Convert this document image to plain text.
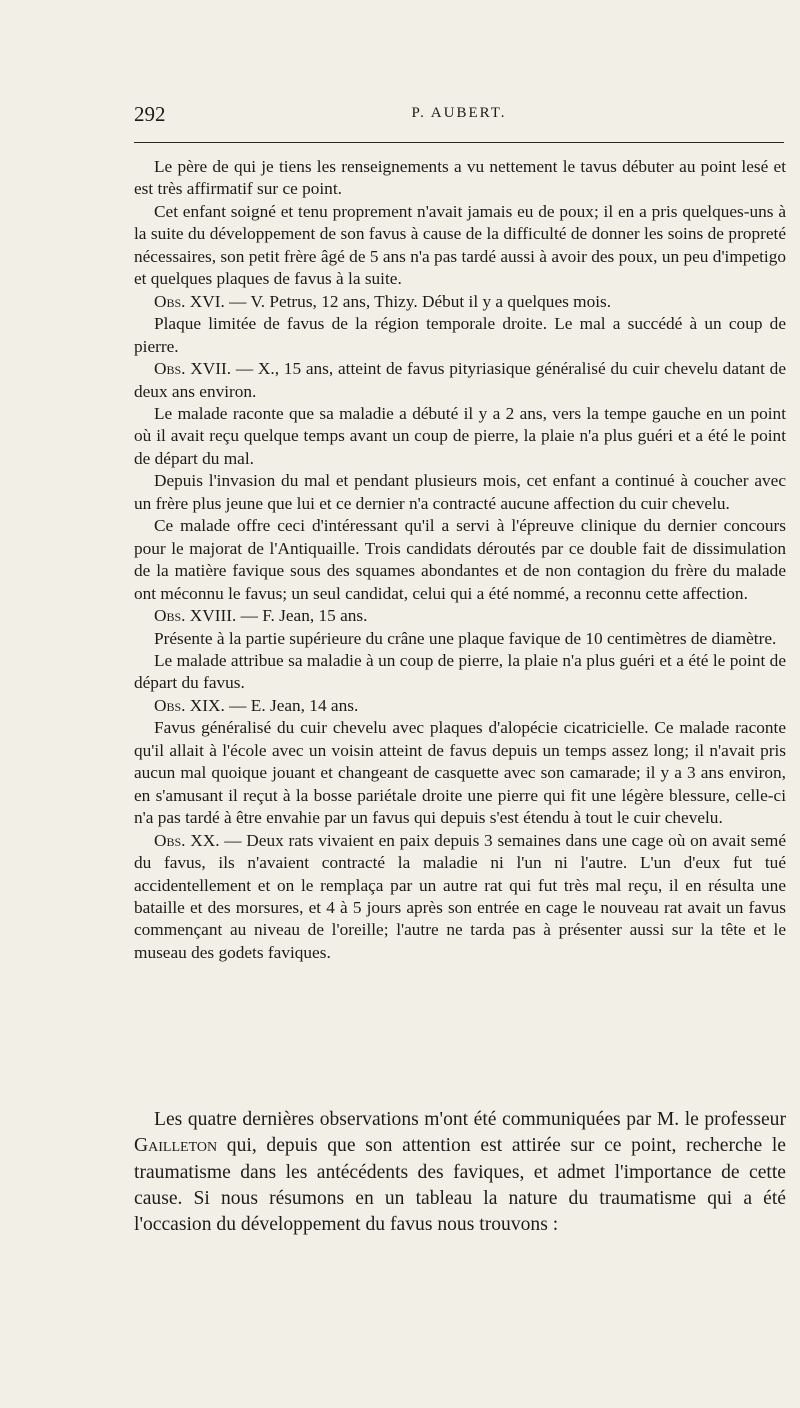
292	P. AUBERT.

Le père de qui je tiens les renseignements a vu nettement le tavus débuter au point lesé et est très affirmatif sur ce point.

Cet enfant soigné et tenu proprement n'avait jamais eu de poux; il en a pris quelques-uns à la suite du développement de son favus à cause de la difficulté de donner les soins de propreté nécessaires, son petit frère âgé de 5 ans n'a pas tardé aussi à avoir des poux, un peu d'impetigo et quelques plaques de favus à la suite.

Obs. XVI. — V. Petrus, 12 ans, Thizy. Début il y a quelques mois.

Plaque limitée de favus de la région temporale droite. Le mal a succédé à un coup de pierre.

Obs. XVII. — X., 15 ans, atteint de favus pityriasique généralisé du cuir chevelu datant de deux ans environ.

Le malade raconte que sa maladie a débuté il y a 2 ans, vers la tempe gauche en un point où il avait reçu quelque temps avant un coup de pierre, la plaie n'a plus guéri et a été le point de départ du mal.

Depuis l'invasion du mal et pendant plusieurs mois, cet enfant a continué à coucher avec un frère plus jeune que lui et ce dernier n'a contracté aucune affection du cuir chevelu.

Ce malade offre ceci d'intéressant qu'il a servi à l'épreuve clinique du dernier concours pour le majorat de l'Antiquaille. Trois candidats déroutés par ce double fait de dissimulation de la matière favique sous des squames abondantes et de non contagion du frère du malade ont méconnu le favus; un seul candidat, celui qui a été nommé, a reconnu cette affection.

Obs. XVIII. — F. Jean, 15 ans.

Présente à la partie supérieure du crâne une plaque favique de 10 centimètres de diamètre.

Le malade attribue sa maladie à un coup de pierre, la plaie n'a plus guéri et a été le point de départ du favus.

Obs. XIX. — E. Jean, 14 ans.

Favus généralisé du cuir chevelu avec plaques d'alopécie cicatricielle. Ce malade raconte qu'il allait à l'école avec un voisin atteint de favus depuis un temps assez long; il n'avait pris aucun mal quoique jouant et changeant de casquette avec son camarade; il y a 3 ans environ, en s'amusant il reçut à la bosse pariétale droite une pierre qui fit une légère blessure, celle-ci n'a pas tardé à être envahie par un favus qui depuis s'est étendu à tout le cuir chevelu.

Obs. XX. — Deux rats vivaient en paix depuis 3 semaines dans une cage où on avait semé du favus, ils n'avaient contracté la maladie ni l'un ni l'autre. L'un d'eux fut tué accidentellement et on le remplaça par un autre rat qui fut très mal reçu, il en résulta une bataille et des morsures, et 4 à 5 jours après son entrée en cage le nouveau rat avait un favus commençant au niveau de l'oreille; l'autre ne tarda pas à présenter aussi sur la tête et le museau des godets faviques.

Les quatre dernières observations m'ont été communiquées par M. le professeur Gailleton qui, depuis que son attention est attirée sur ce point, recherche le traumatisme dans les antécédents des faviques, et admet l'importance de cette cause. Si nous résumons en un tableau la nature du traumatisme qui a été l'occasion du développement du favus nous trouvons :
